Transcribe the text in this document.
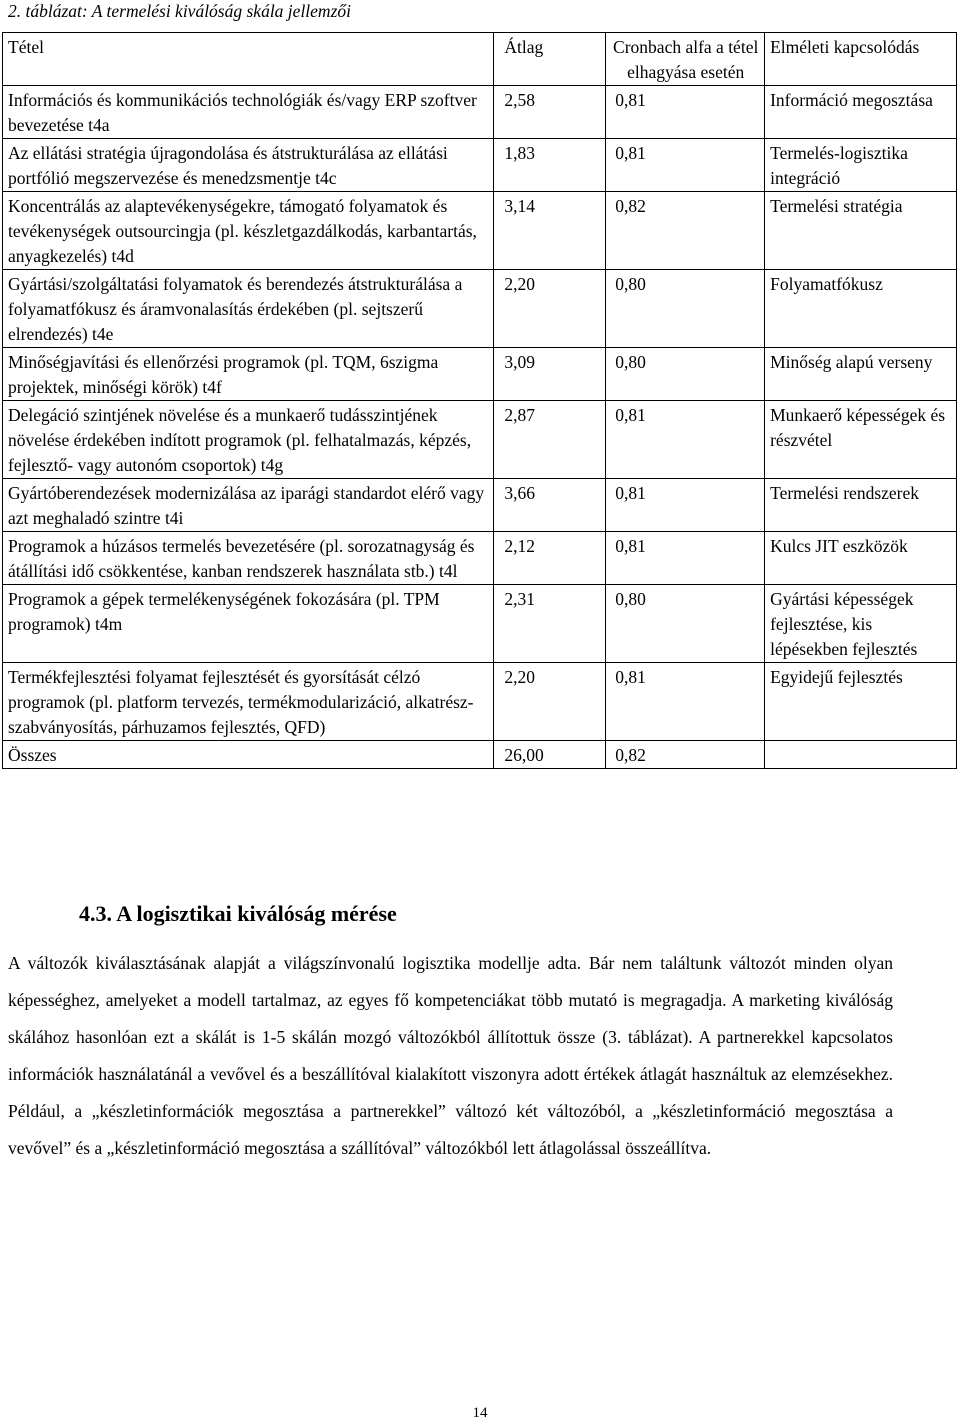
2. táblázat: A termelési kiválóság skála jellemzői
Tétel	Átlag	Cronbach alfa a tétel elhagyása esetén	Elméleti kapcsolódás
Információs és kommunikációs technológiák és/vagy ERP szoftver bevezetése t4a	2,58	0,81	Információ megosztása
Az ellátási stratégia újragondolása és átstrukturálása az ellátási portfólió megszervezése és menedzsmentje t4c	1,83	0,81	Termelés-logisztika integráció
Koncentrálás az alaptevékenységekre, támogató folyamatok és tevékenységek outsourcingja (pl. készletgazdálkodás, karbantartás, anyagkezelés) t4d	3,14	0,82	Termelési stratégia
Gyártási/szolgáltatási folyamatok és berendezés átstrukturálása a folyamatfókusz és áramvonalasítás érdekében (pl. sejtszerű elrendezés) t4e	2,20	0,80	Folyamatfókusz
Minőségjavítási és ellenőrzési programok (pl. TQM, 6szigma projektek, minőségi körök) t4f	3,09	0,80	Minőség alapú verseny
Delegáció szintjének növelése és a munkaerő tudásszintjének növelése érdekében indított programok (pl. felhatalmazás, képzés, fejlesztő- vagy autonóm csoportok) t4g	2,87	0,81	Munkaerő képességek és részvétel
Gyártóberendezések modernizálása az iparági standardot elérő vagy azt meghaladó szintre t4i	3,66	0,81	Termelési rendszerek
Programok a húzásos termelés bevezetésére (pl. sorozatnagyság és átállítási idő csökkentése, kanban rendszerek használata stb.) t4l	2,12	0,81	Kulcs JIT eszközök
Programok a gépek termelékenységének fokozására (pl. TPM programok) t4m	2,31	0,80	Gyártási képességek fejlesztése, kis lépésekben fejlesztés
Termékfejlesztési folyamat fejlesztését és gyorsítását célzó programok (pl. platform tervezés, termékmodularizáció, alkatrész-szabványosítás, párhuzamos fejlesztés, QFD)	2,20	0,81	Egyidejű fejlesztés
Összes	26,00	0,82	
4.3. A logisztikai kiválóság mérése
A változók kiválasztásának alapját a világszínvonalú logisztika modellje adta. Bár nem találtunk változót minden olyan képességhez, amelyeket a modell tartalmaz, az egyes fő kompetenciákat több mutató is megragadja. A marketing kiválóság skálához hasonlóan ezt a skálát is 1-5 skálán mozgó változókból állítottuk össze (3. táblázat). A partnerekkel kapcsolatos információk használatánál a vevővel és a beszállítóval kialakított viszonyra adott értékek átlagát használtuk az elemzésekhez. Például, a „készletinformációk megosztása a partnerekkel” változó két változóból, a „készletinformáció megosztása a vevővel” és a „készletinformáció megosztása a szállítóval” változókból lett átlagolással összeállítva.
14
